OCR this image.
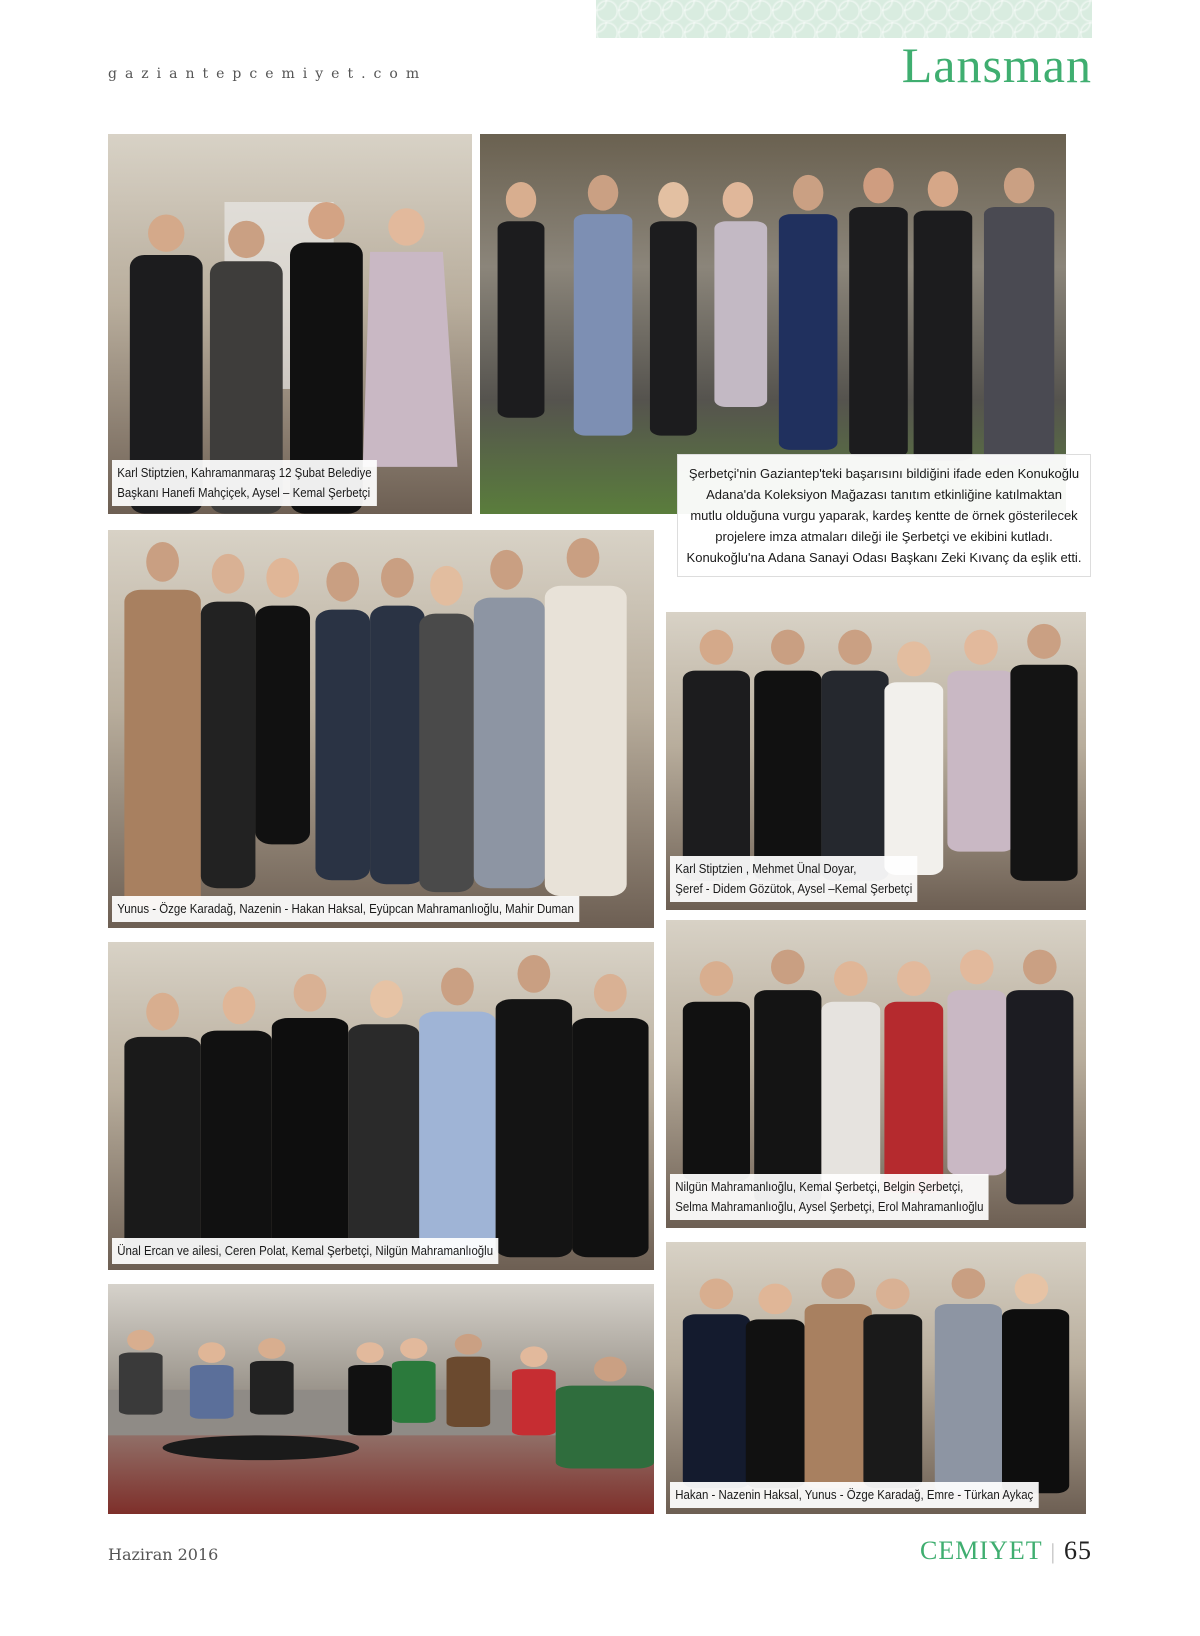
gaziantepcemiyet.com	Lansman
Karl Stiptzien, Kahramanmaraş 12 Şubat Belediye
Başkanı Hanefi Mahçiçek, Aysel – Kemal Şerbetçi
Şerbetçi'nin Gaziantep'teki başarısını bildiğini ifade eden Konukoğlu
Adana'da Koleksiyon Mağazası tanıtım etkinliğine katılmaktan
mutlu olduğuna vurgu yaparak, kardeş kentte de örnek gösterilecek
projelere imza atmaları dileği ile Şerbetçi ve ekibini kutladı.
Konukoğlu'na Adana Sanayi Odası Başkanı Zeki Kıvanç da eşlik etti.
Yunus - Özge Karadağ, Nazenin - Hakan Haksal, Eyüpcan Mahramanlıoğlu, Mahir Duman
Karl Stiptzien , Mehmet Ünal Doyar,
Şeref - Didem Gözütok, Aysel –Kemal Şerbetçi
Ünal Ercan ve ailesi, Ceren Polat, Kemal Şerbetçi, Nilgün Mahramanlıoğlu
Nilgün Mahramanlıoğlu, Kemal Şerbetçi, Belgin Şerbetçi,
Selma Mahramanlıoğlu, Aysel Şerbetçi, Erol Mahramanlıoğlu
Hakan - Nazenin Haksal, Yunus - Özge Karadağ, Emre - Türkan Aykaç
Haziran 2016	CEMIYET | 65
